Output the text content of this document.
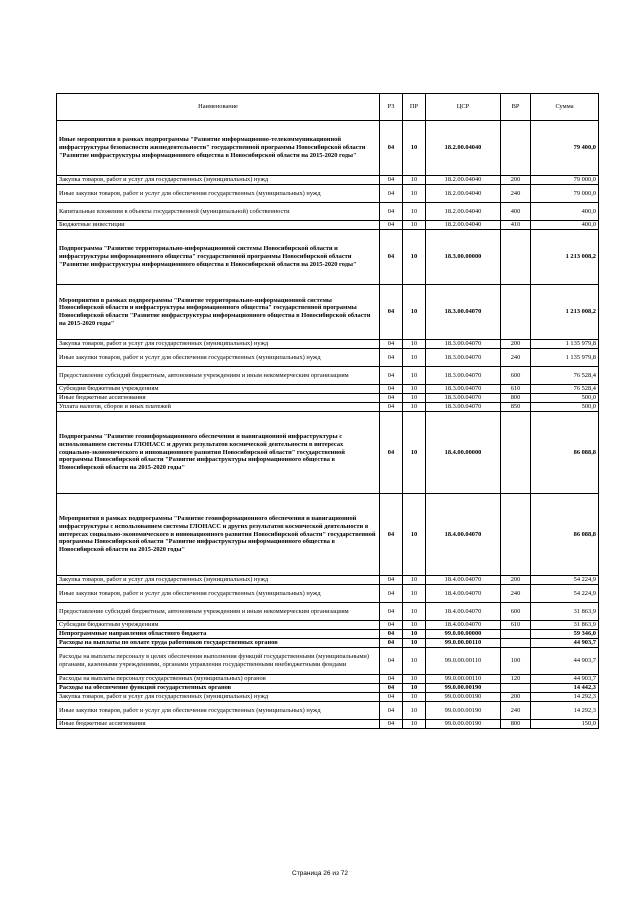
Наименование	РЗ	ПР	ЦСР	ВР	Сумма
Иные мероприятия в рамках подпрограммы "Развитие информационно-телекоммуникационной инфраструктуры безопасности жизнедеятельности" государственной программы Новосибирской области "Развитие инфраструктуры информационного общества в Новосибирской области на 2015-2020 годы"	04	10	18.2.00.04040		79 400,0
Закупка товаров, работ и услуг для государственных (муниципальных) нужд	04	10	18.2.00.04040	200	79 000,0
Иные закупки товаров, работ и услуг для обеспечения государственных (муниципальных) нужд	04	10	18.2.00.04040	240	79 000,0
Капитальные вложения в объекты государственной (муниципальной) собственности	04	10	18.2.00.04040	400	400,0
Бюджетные инвестиции	04	10	18.2.00.04040	410	400,0
Подпрограмма "Развитие территориально-информационной системы Новосибирской области и инфраструктуры информационного общества" государственной программы Новосибирской области "Развитие инфраструктуры информационного общества в Новосибирской области на 2015-2020 годы"	04	10	18.3.00.00000		1 213 008,2
Мероприятия в рамках подпрограммы "Развитие территориально-информационной системы Новосибирской области и инфраструктуры информационного общества" государственной программы Новосибирской области "Развитие инфраструктуры информационного общества в Новосибирской области на 2015-2020 годы"	04	10	18.3.00.04070		1 213 008,2
Закупка товаров, работ и услуг для государственных (муниципальных) нужд	04	10	18.3.00.04070	200	1 135 979,8
Иные закупки товаров, работ и услуг для обеспечения государственных (муниципальных) нужд	04	10	18.3.00.04070	240	1 135 979,8
Предоставление субсидий бюджетным, автономным учреждениям и иным некоммерческим организациям	04	10	18.3.00.04070	600	76 528,4
Субсидии бюджетным учреждениям	04	10	18.3.00.04070	610	76 528,4
Иные бюджетные ассигнования	04	10	18.3.00.04070	800	500,0
Уплата налогов, сборов и иных платежей	04	10	18.3.00.04070	850	500,0
Подпрограмма "Развитие геоинформационного обеспечения и навигационной инфраструктуры с использованием системы ГЛОНАСС и других результатов космической деятельности в интересах социально-экономического и инновационного развития Новосибирской области" государственной программы Новосибирской области "Развитие инфраструктуры информационного общества в Новосибирской области на 2015-2020 годы"	04	10	18.4.00.00000		86 088,8
Мероприятия в рамках подпрограммы "Развитие геоинформационного обеспечения и навигационной инфраструктуры с использованием системы ГЛОНАСС и других результатов космической деятельности в интересах социально-экономического и инновационного развития Новосибирской области" государственной программы Новосибирской области "Развитие инфраструктуры информационного общества в Новосибирской области на 2015-2020 годы"	04	10	18.4.00.04070		86 088,8
Закупка товаров, работ и услуг для государственных (муниципальных) нужд	04	10	18.4.00.04070	200	54 224,9
Иные закупки товаров, работ и услуг для обеспечения государственных (муниципальных) нужд	04	10	18.4.00.04070	240	54 224,9
Предоставление субсидий бюджетным, автономным учреждениям и иным некоммерческим организациям	04	10	18.4.00.04070	600	31 863,9
Субсидии бюджетным учреждениям	04	10	18.4.00.04070	610	31 863,9
Непрограммные направления областного бюджета	04	10	99.0.00.00000		59 346,0
Расходы на выплаты по оплате труда работников государственных органов	04	10	99.0.00.00110		44 903,7
Расходы на выплаты персоналу в целях обеспечения выполнения функций государственными (муниципальными) органами, казенными учреждениями, органами управления государственными внебюджетными фондами	04	10	99.0.00.00110	100	44 903,7
Расходы на выплаты персоналу государственных (муниципальных) органов	04	10	99.0.00.00110	120	44 903,7
Расходы на обеспечение функций государственных органов	04	10	99.0.00.00190		14 442,3
Закупка товаров, работ и услуг для государственных (муниципальных) нужд	04	10	99.0.00.00190	200	14 292,3
Иные закупки товаров, работ и услуг для обеспечения государственных (муниципальных) нужд	04	10	99.0.00.00190	240	14 292,3
Иные бюджетные ассигнования	04	10	99.0.00.00190	800	150,0
Страница 26 из 72
